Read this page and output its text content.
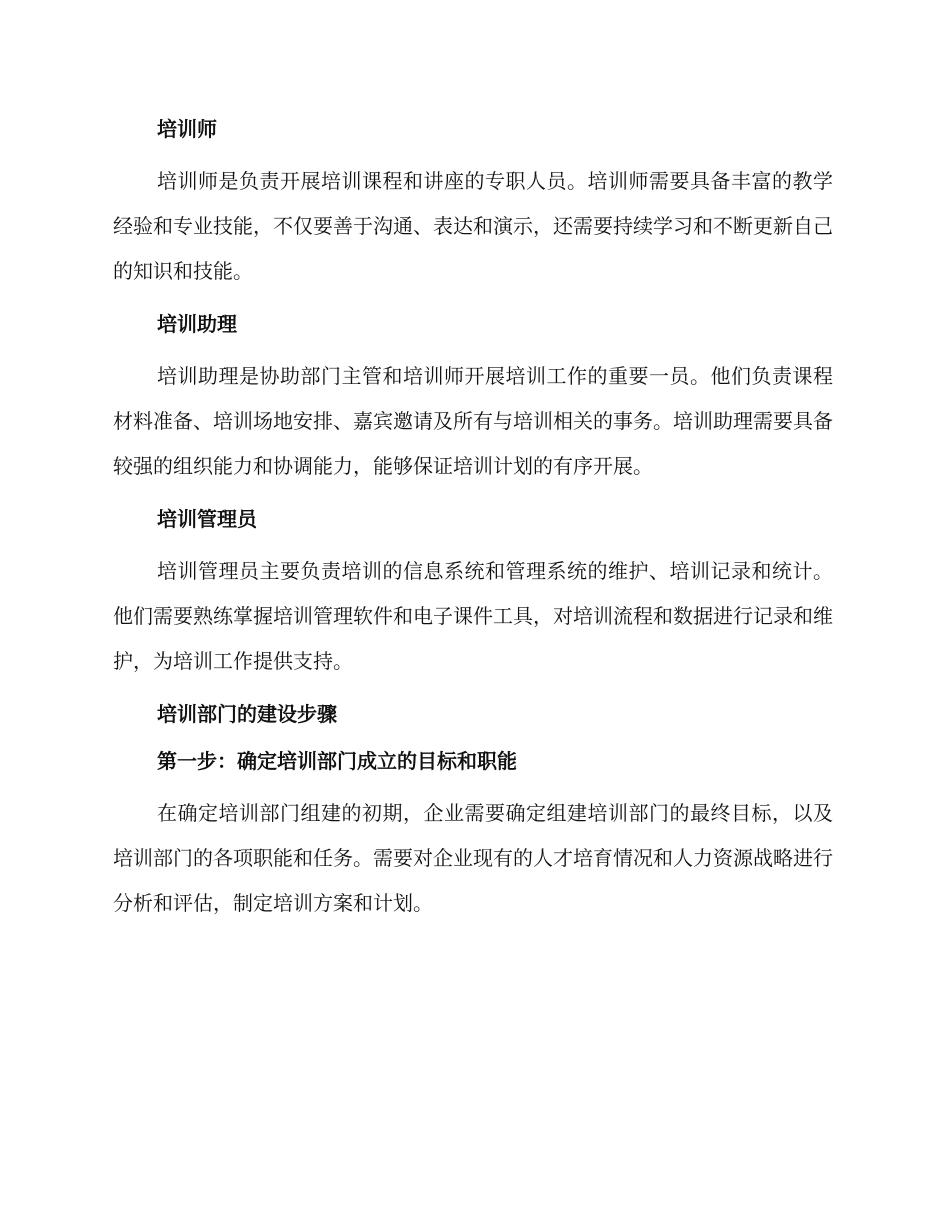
培训师

培训师是负责开展培训课程和讲座的专职人员。培训师需要具备丰富的教学经验和专业技能，不仅要善于沟通、表达和演示，还需要持续学习和不断更新自己的知识和技能。

培训助理

培训助理是协助部门主管和培训师开展培训工作的重要一员。他们负责课程材料准备、培训场地安排、嘉宾邀请及所有与培训相关的事务。培训助理需要具备较强的组织能力和协调能力，能够保证培训计划的有序开展。

培训管理员

培训管理员主要负责培训的信息系统和管理系统的维护、培训记录和统计。他们需要熟练掌握培训管理软件和电子课件工具，对培训流程和数据进行记录和维护，为培训工作提供支持。

培训部门的建设步骤
第一步：确定培训部门成立的目标和职能

在确定培训部门组建的初期，企业需要确定组建培训部门的最终目标，以及培训部门的各项职能和任务。需要对企业现有的人才培育情况和人力资源战略进行分析和评估，制定培训方案和计划。
